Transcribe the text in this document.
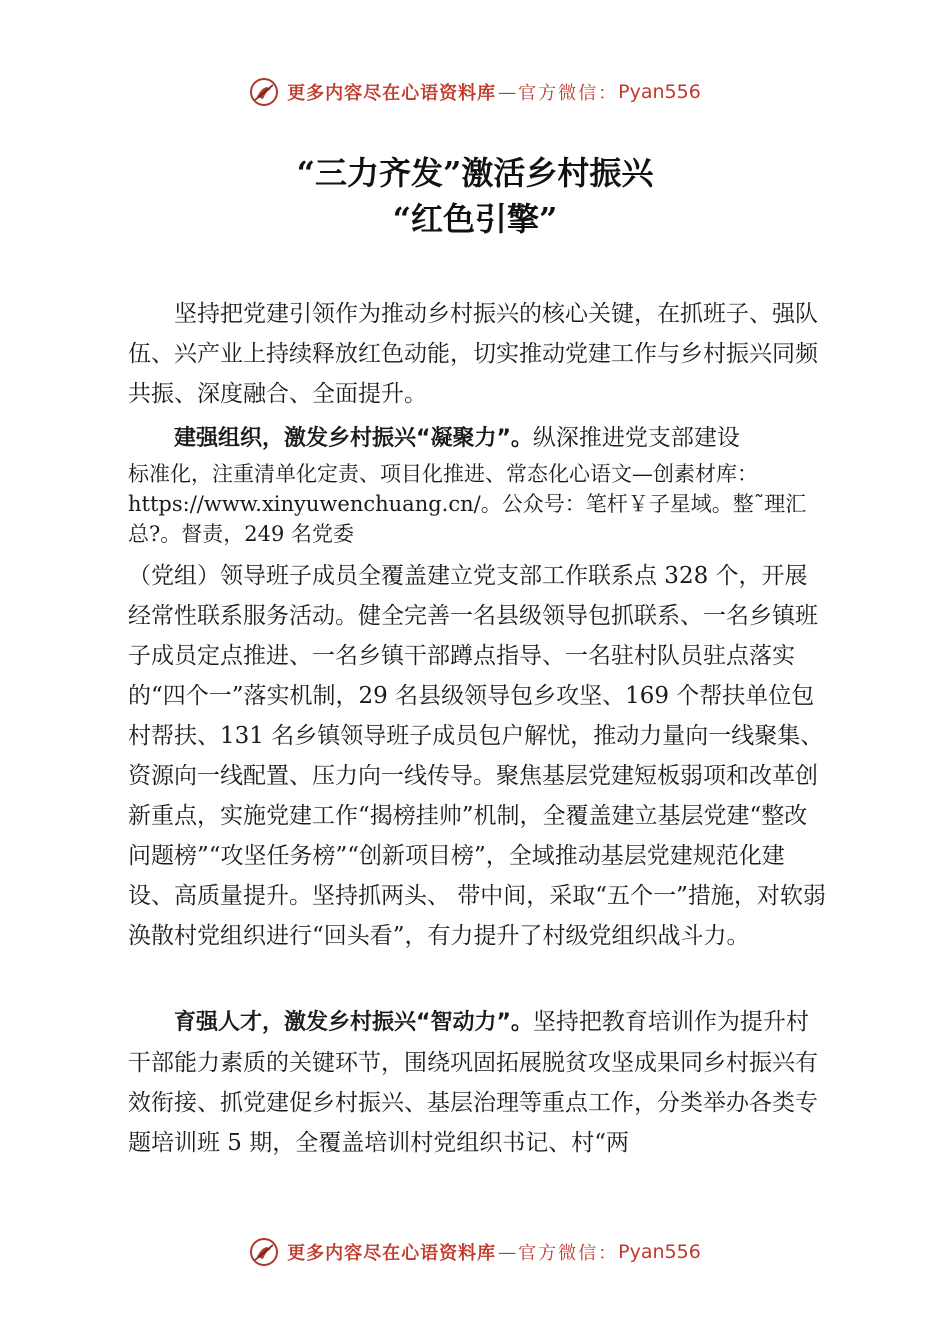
更多内容尽在心语资料库 — 官方微信： Pyan556
“三力齐发”激活乡村振兴
“红色引擎”
坚持把党建引领作为推动乡村振兴的核心关键，在抓班子、强队伍、兴产业上持续释放红色动能，切实推动党建工作与乡村振兴同频共振、深度融合、全面提升。
建强组织，激发乡村振兴“凝聚力”。纵深推进党支部建设
标准化，注重清单化定责、项目化推进、常态化心语文—创素材库：https://www.xinyuwenchuang.cn/。公众号：笔杆￥子星域。整˜理汇总?。督责，249 名党委
（党组）领导班子成员全覆盖建立党支部工作联系点 328 个，开展经常性联系服务活动。健全完善一名县级领导包抓联系、一名乡镇班子成员定点推进、一名乡镇干部蹲点指导、一名驻村队员驻点落实的“四个一”落实机制，29 名县级领导包乡攻坚、169 个帮扶单位包村帮扶、131 名乡镇领导班子成员包户解忧，推动力量向一线聚集、资源向一线配置、压力向一线传导。聚焦基层党建短板弱项和改革创新重点，实施党建工作“揭榜挂帅”机制，全覆盖建立基层党建“整改问题榜”“攻坚任务榜”“创新项目榜”，全域推动基层党建规范化建设、高质量提升。坚持抓两头、 带中间，采取“五个一”措施，对软弱涣散村党组织进行“回头看”，有力提升了村级党组织战斗力。
育强人才，激发乡村振兴“智动力”。坚持把教育培训作为提升村干部能力素质的关键环节，围绕巩固拓展脱贫攻坚成果同乡村振兴有效衔接、抓党建促乡村振兴、基层治理等重点工作，分类举办各类专题培训班 5 期，全覆盖培训村党组织书记、村“两
更多内容尽在心语资料库 — 官方微信： Pyan556
